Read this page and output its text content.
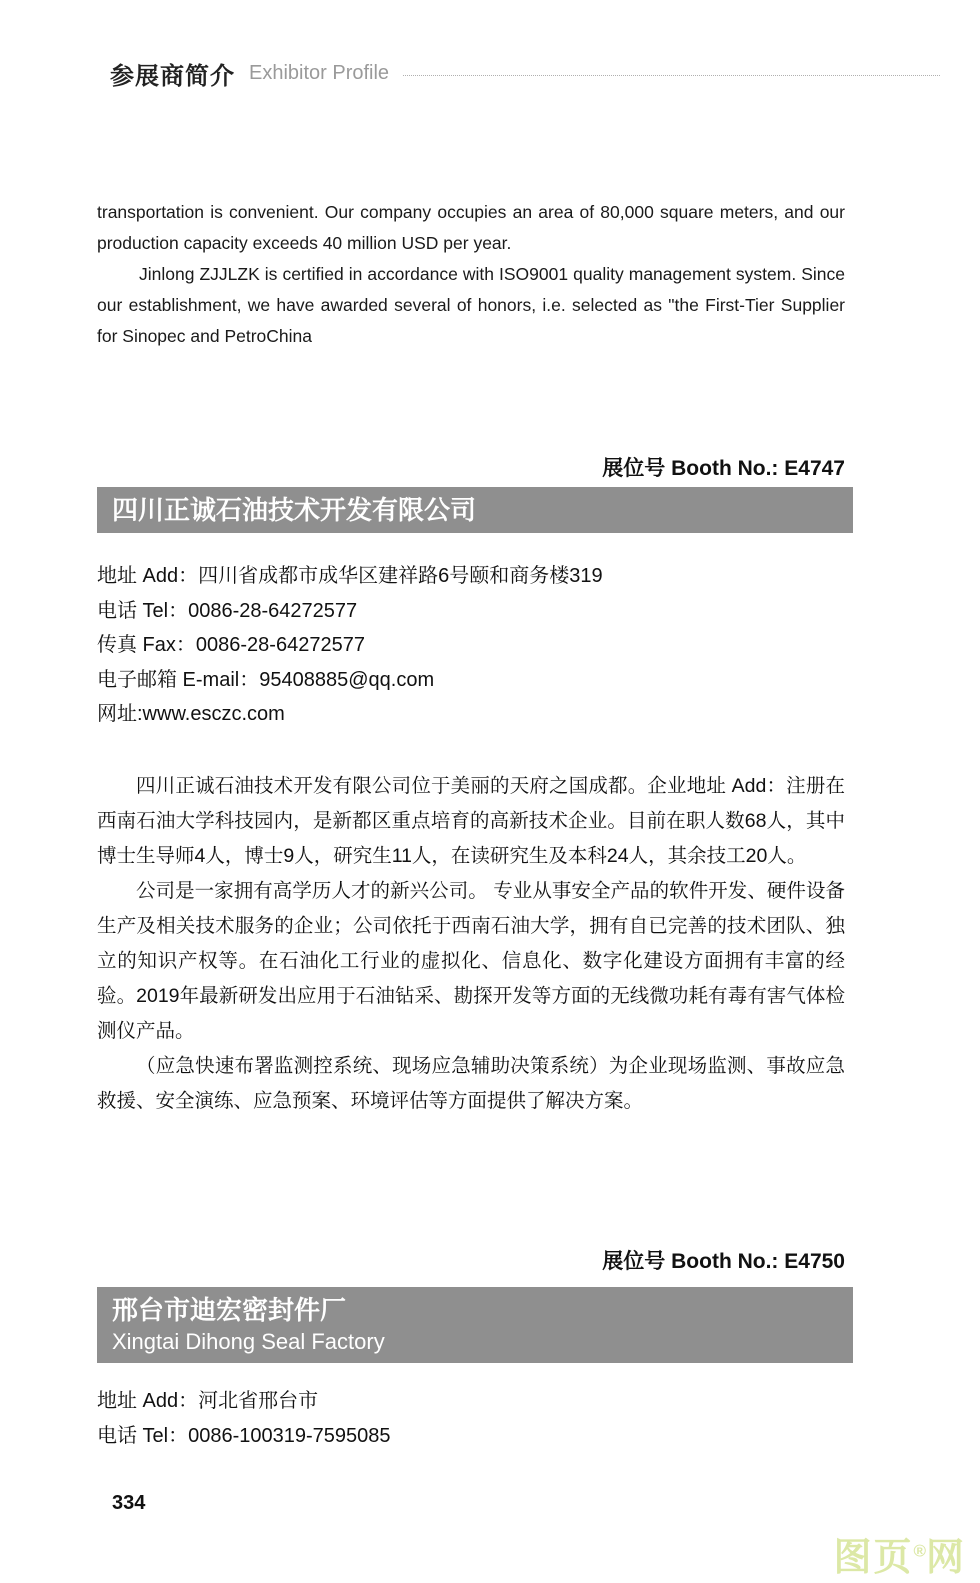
参展商简介 Exhibitor Profile

transportation is convenient. Our company occupies an area of 80,000 square meters, and our production capacity exceeds 40 million USD per year.

Jinlong ZJJLZK is certified in accordance with ISO9001 quality management system. Since our establishment, we have awarded several of honors, i.e. selected as "the First-Tier Supplier for Sinopec and PetroChina

展位号 Booth No.: E4747
四川正诚石油技术开发有限公司
地址 Add：四川省成都市成华区建祥路6号颐和商务楼319
电话 Tel：0086-28-64272577
传真 Fax：0086-28-64272577
电子邮箱 E-mail：95408885@qq.com
网址:www.esczc.com

四川正诚石油技术开发有限公司位于美丽的天府之国成都。企业地址 Add：注册在西南石油大学科技园内，是新都区重点培育的高新技术企业。目前在职人数68人，其中博士生导师4人，博士9人，研究生11人，在读研究生及本科24人，其余技工20人。

公司是一家拥有高学历人才的新兴公司。 专业从事安全产品的软件开发、硬件设备生产及相关技术服务的企业；公司依托于西南石油大学，拥有自已完善的技术团队、独立的知识产权等。在石油化工行业的虚拟化、信息化、数字化建设方面拥有丰富的经验。2019年最新研发出应用于石油钻采、勘探开发等方面的无线微功耗有毒有害气体检测仪产品。

（应急快速布署监测控系统、现场应急辅助决策系统）为企业现场监测、事故应急救援、安全演练、应急预案、环境评估等方面提供了解决方案。

展位号 Booth No.: E4750
邢台市迪宏密封件厂
Xingtai Dihong Seal Factory
地址 Add：河北省邢台市
电话 Tel：0086-100319-7595085
334
图页®网
